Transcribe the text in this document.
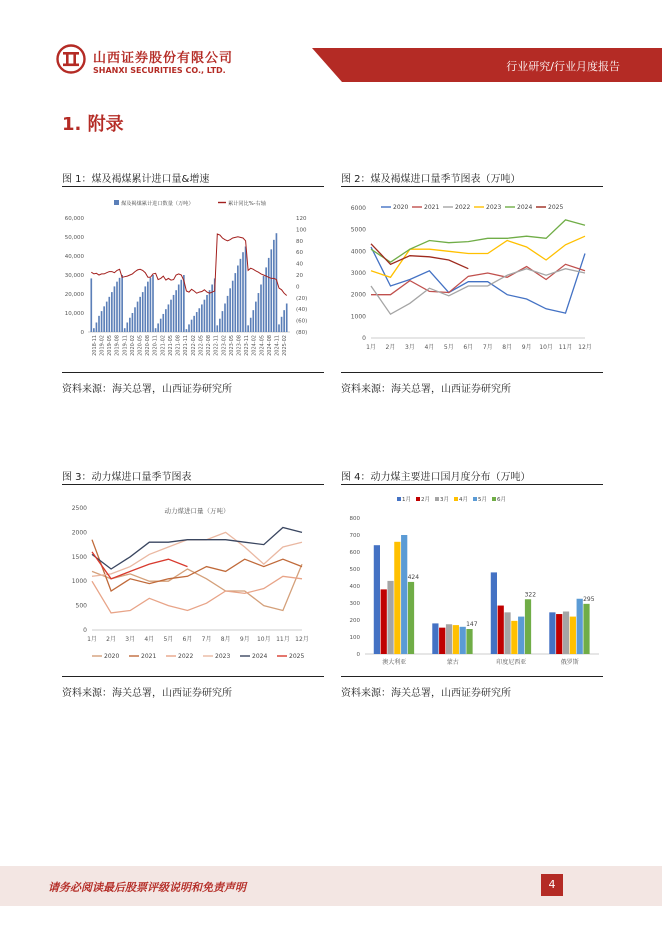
山西证券股份有限公司
SHANXI SECURITIES CO., LTD.	行业研究/行业月度报告
1. 附录
图 1：煤及褐煤累计进口量&增速
资料来源：海关总署，山西证券研究所
图 2：煤及褐煤进口量季节图表（万吨）
资料来源：海关总署，山西证券研究所
图 3：动力煤进口量季节图表
资料来源：海关总署，山西证券研究所
图 4：动力煤主要进口国月度分布（万吨）
资料来源：海关总署，山西证券研究所
煤及褐煤累计进口数量（万吨）	累计同比%-右轴
60,000
50,000
40,000
30,000
20,000
10,000
0
120
100
80
60
40
20
0
(20)
(40)
(60)
(80)
2018-11 2019-02 2019-05 2019-08 2019-11 2020-02 2020-05 2020-08 2020-11 2021-02 2021-05 2021-08 2021-11 2022-02 2022-05 2022-08 2022-11 2023-02 2023-05 2023-08 2023-11 2024-02 2024-05 2024-08 2024-11 2025-02
6000
5000
4000
3000
2000
1000
0
1月 2月 3月 4月 5月 6月 7月 8月 9月 10月 11月 12月
2020	2021	2022	2023	2024	2025
2500
2000
1500
1000
500
0
1月 2月 3月 4月 5月 6月 7月 8月 9月 10月 11月 12月
2020	2021	2022	2023	2024	2025
动力煤进口量（万吨）
800
700
600
500
400
300
200
100
0
424
澳大利亚
147
蒙古
322
印度尼西亚
295
俄罗斯
1月 2月 3月 4月 5月 6月
请务必阅读最后股票评级说明和免责声明	4
